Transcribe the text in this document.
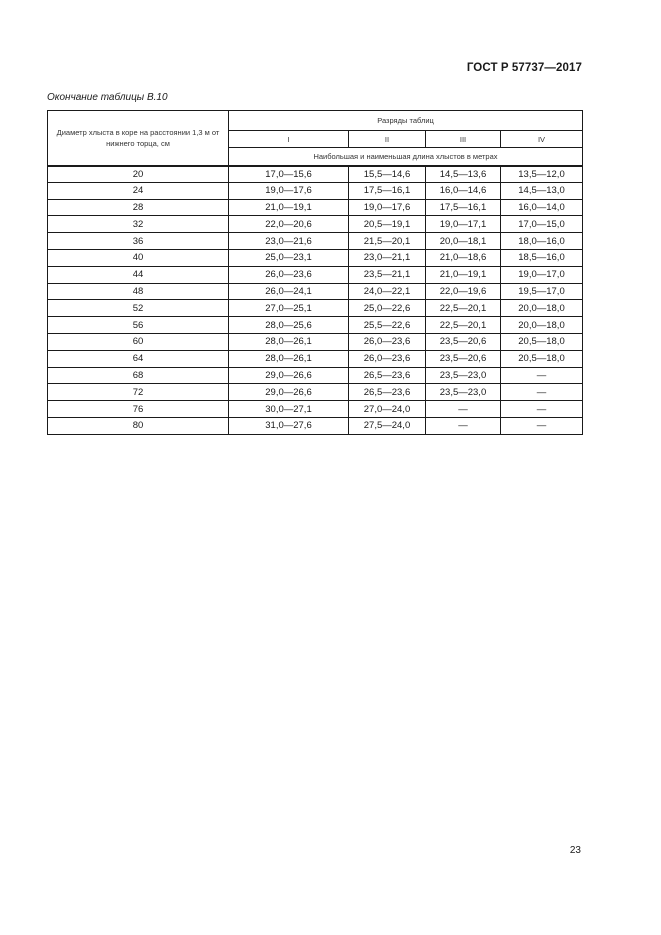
ГОСТ Р 57737—2017
Окончание таблицы В.10
Диаметр хлыста в коре на расстоянии 1,3 м от нижнего торца, см	Разряды таблиц			
	I	II	III	IV
	Наибольшая и наименьшая длина хлыстов в метрах			
20	17,0—15,6	15,5—14,6	14,5—13,6	13,5—12,0
24	19,0—17,6	17,5—16,1	16,0—14,6	14,5—13,0
28	21,0—19,1	19,0—17,6	17,5—16,1	16,0—14,0
32	22,0—20,6	20,5—19,1	19,0—17,1	17,0—15,0
36	23,0—21,6	21,5—20,1	20,0—18,1	18,0—16,0
40	25,0—23,1	23,0—21,1	21,0—18,6	18,5—16,0
44	26,0—23,6	23,5—21,1	21,0—19,1	19,0—17,0
48	26,0—24,1	24,0—22,1	22,0—19,6	19,5—17,0
52	27,0—25,1	25,0—22,6	22,5—20,1	20,0—18,0
56	28,0—25,6	25,5—22,6	22,5—20,1	20,0—18,0
60	28,0—26,1	26,0—23,6	23,5—20,6	20,5—18,0
64	28,0—26,1	26,0—23,6	23,5—20,6	20,5—18,0
68	29,0—26,6	26,5—23,6	23,5—23,0	—
72	29,0—26,6	26,5—23,6	23,5—23,0	—
76	30,0—27,1	27,0—24,0	—	—
80	31,0—27,6	27,5—24,0	—	—
23
